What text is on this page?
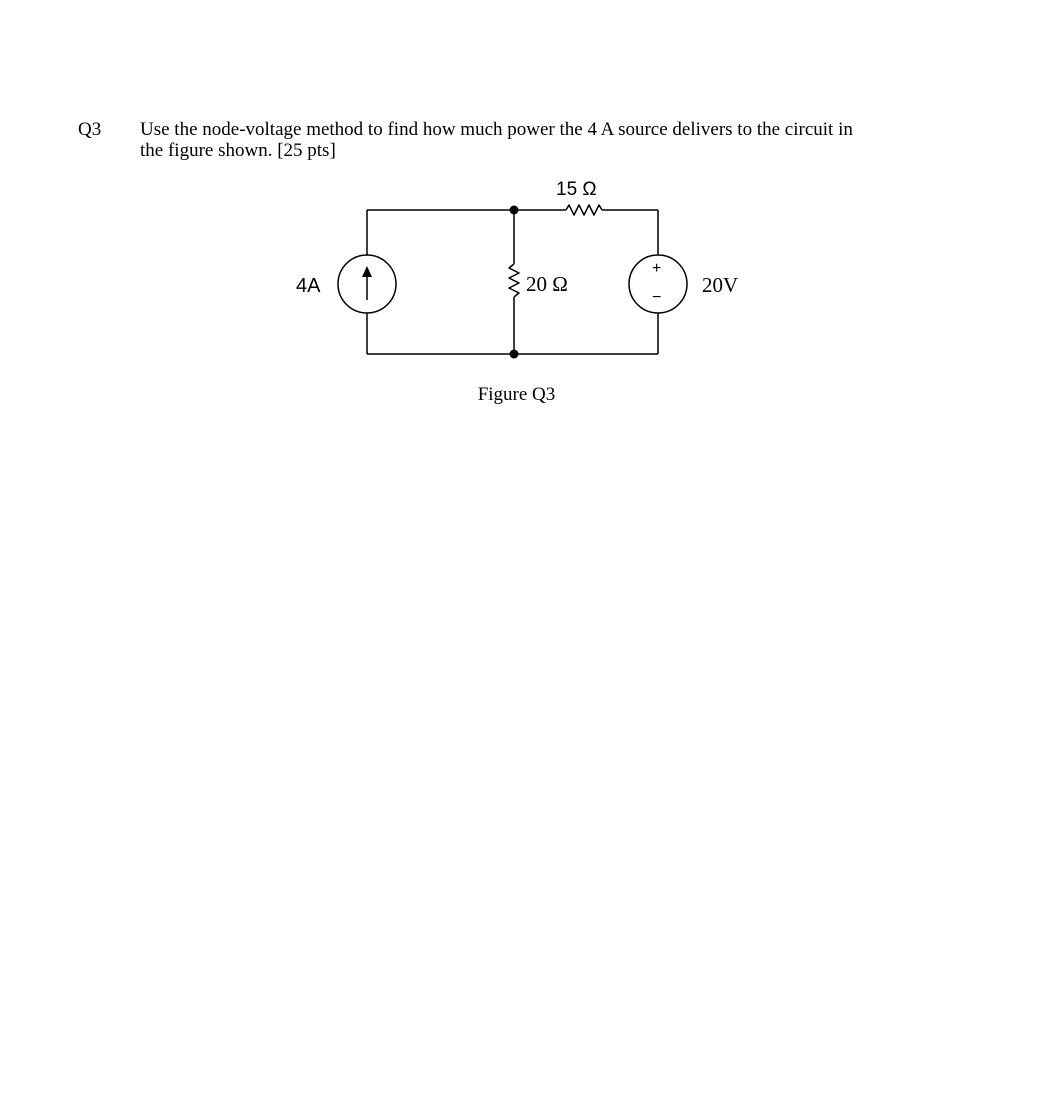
Q3 Use the node-voltage method to find how much power the 4 A source delivers to the circuit in
the figure shown. [25 pts]
4A
15 Ω
20 Ω	20V
+
−
Figure Q3
